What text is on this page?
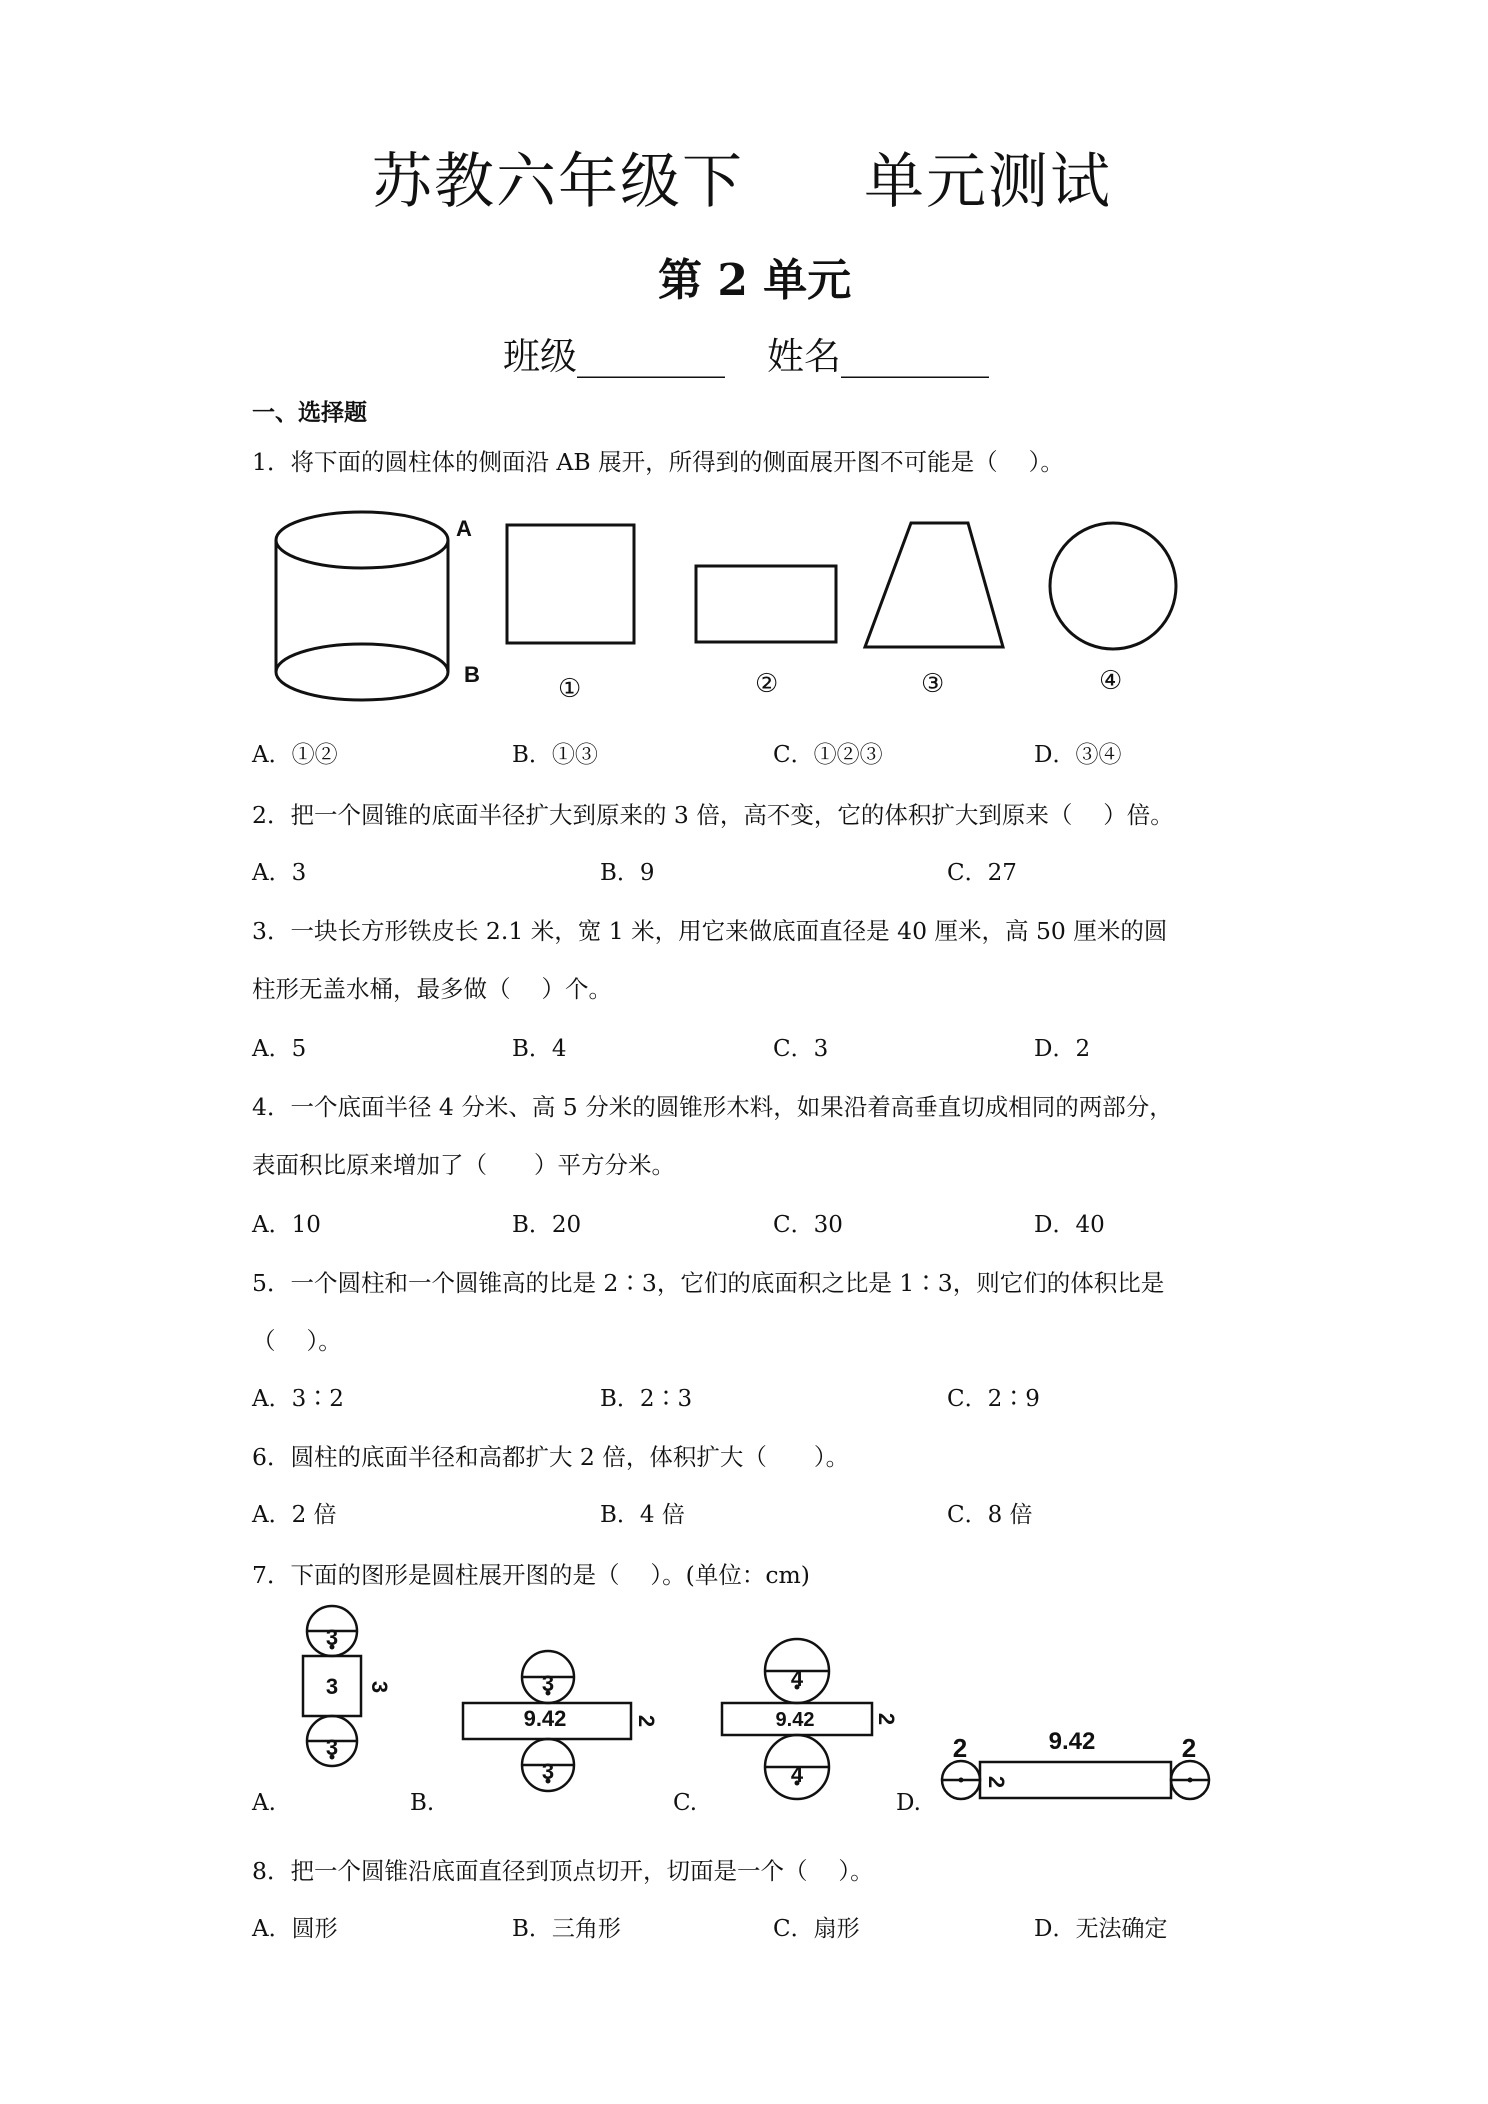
苏教六年级下 单元测试
第 2 单元
班级________ 姓名________
一、选择题
1．将下面的圆柱体的侧面沿 AB 展开，所得到的侧面展开图不可能是（　 ）。
A
B	①	②	③	④
A．①②	B．①③	C．①②③	D．③④
2．把一个圆锥的底面半径扩大到原来的 3 倍，高不变，它的体积扩大到原来（　 ）倍。
A．3	B．9	C．27
3．一块长方形铁皮长 2.1 米，宽 1 米，用它来做底面直径是 40 厘米，高 50 厘米的圆
柱形无盖水桶，最多做（　 ）个。
A．5	B．4	C．3	D．2
4．一个底面半径 4 分米、高 5 分米的圆锥形木料，如果沿着高垂直切成相同的两部分，
表面积比原来增加了（　　）平方分米。
A．10	B．20	C．30	D．40
5．一个圆柱和一个圆锥高的比是 2∶3，它们的底面积之比是 1∶3，则它们的体积比是
（　 ）。
A．3∶2	B．2∶3	C．2∶9
6．圆柱的底面半径和高都扩大 2 倍，体积扩大（　　）。
A．2 倍	B．4 倍	C．8 倍
7．下面的图形是圆柱展开图的是（　 ）。(单位：cm)
3
3 3
3
3
9.42	2
3
4
9.42	2
4
2	9.42
2
2
A.	B.	C.	D.
8．把一个圆锥沿底面直径到顶点切开，切面是一个（　 ）。
A．圆形	B．三角形	C．扇形	D．无法确定
